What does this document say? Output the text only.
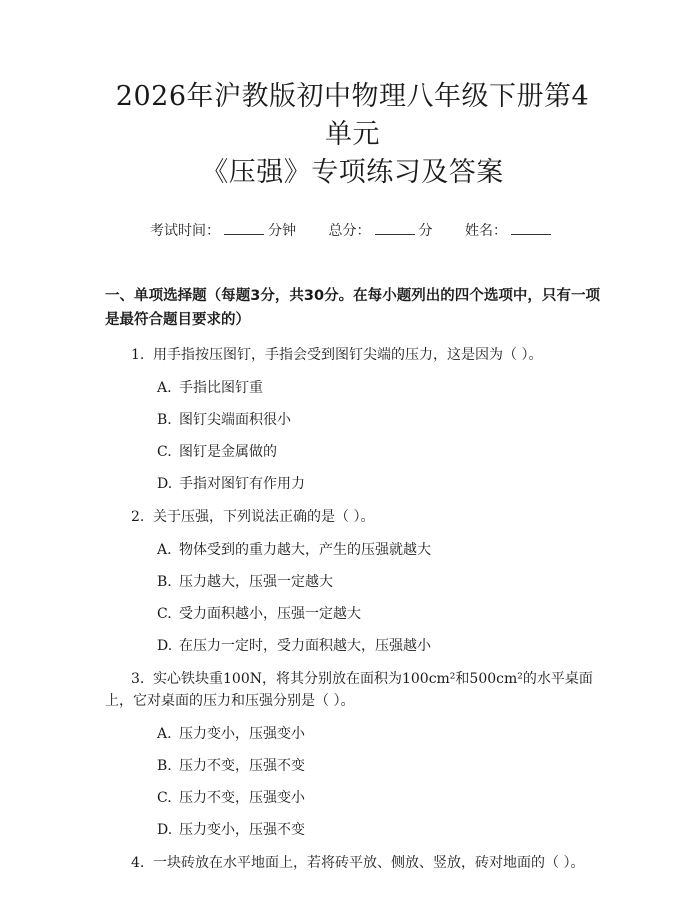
2026年沪教版初中物理八年级下册第4单元
《压强》专项练习及答案
考试时间：	分钟 总分：	分 姓名：

一、单项选择题（每题3分，共30分。在每小题列出的四个选项中，只有一项是最符合题目要求的）

1. 用手指按压图钉，手指会受到图钉尖端的压力，这是因为（ ）。
A. 手指比图钉重
B. 图钉尖端面积很小
C. 图钉是金属做的
D. 手指对图钉有作用力
2. 关于压强，下列说法正确的是（ ）。
A. 物体受到的重力越大，产生的压强就越大
B. 压力越大，压强一定越大
C. 受力面积越小，压强一定越大
D. 在压力一定时，受力面积越大，压强越小
3. 实心铁块重100N，将其分别放在面积为100cm²和500cm²的水平桌面上，它对桌面的压力和压强分别是（ ）。
A. 压力变小，压强变小
B. 压力不变，压强不变
C. 压力不变，压强变小
D. 压力变小，压强不变
4. 一块砖放在水平地面上，若将砖平放、侧放、竖放，砖对地面的（ ）。
